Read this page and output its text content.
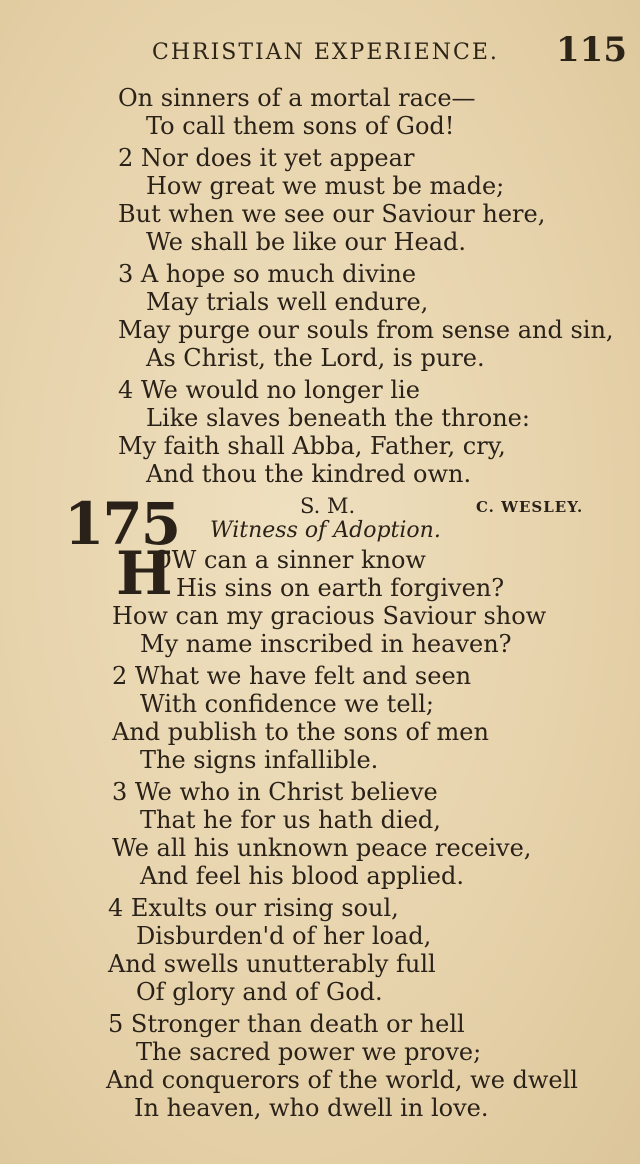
CHRISTIAN EXPERIENCE. 115
On sinners of a mortal race—
To call them sons of God!
2 Nor does it yet appear
How great we must be made;
But when we see our Saviour here,
We shall be like our Head.
3 A hope so much divine
May trials well endure,
May purge our souls from sense and sin,
As Christ, the Lord, is pure.
4 We would no longer lie
Like slaves beneath the throne:
My faith shall Abba, Father, cry,
And thou the kindred own.
175	S. M.	C. WESLEY.
Witness of Adoption.
H
OW can a sinner know
His sins on earth forgiven?
How can my gracious Saviour show
My name inscribed in heaven?
2 What we have felt and seen
With confidence we tell;
And publish to the sons of men
The signs infallible.
3 We who in Christ believe
That he for us hath died,
We all his unknown peace receive,
And feel his blood applied.
4 Exults our rising soul,
Disburden'd of her load,
And swells unutterably full
Of glory and of God.
5 Stronger than death or hell
The sacred power we prove;
And conquerors of the world, we dwell
In heaven, who dwell in love.
